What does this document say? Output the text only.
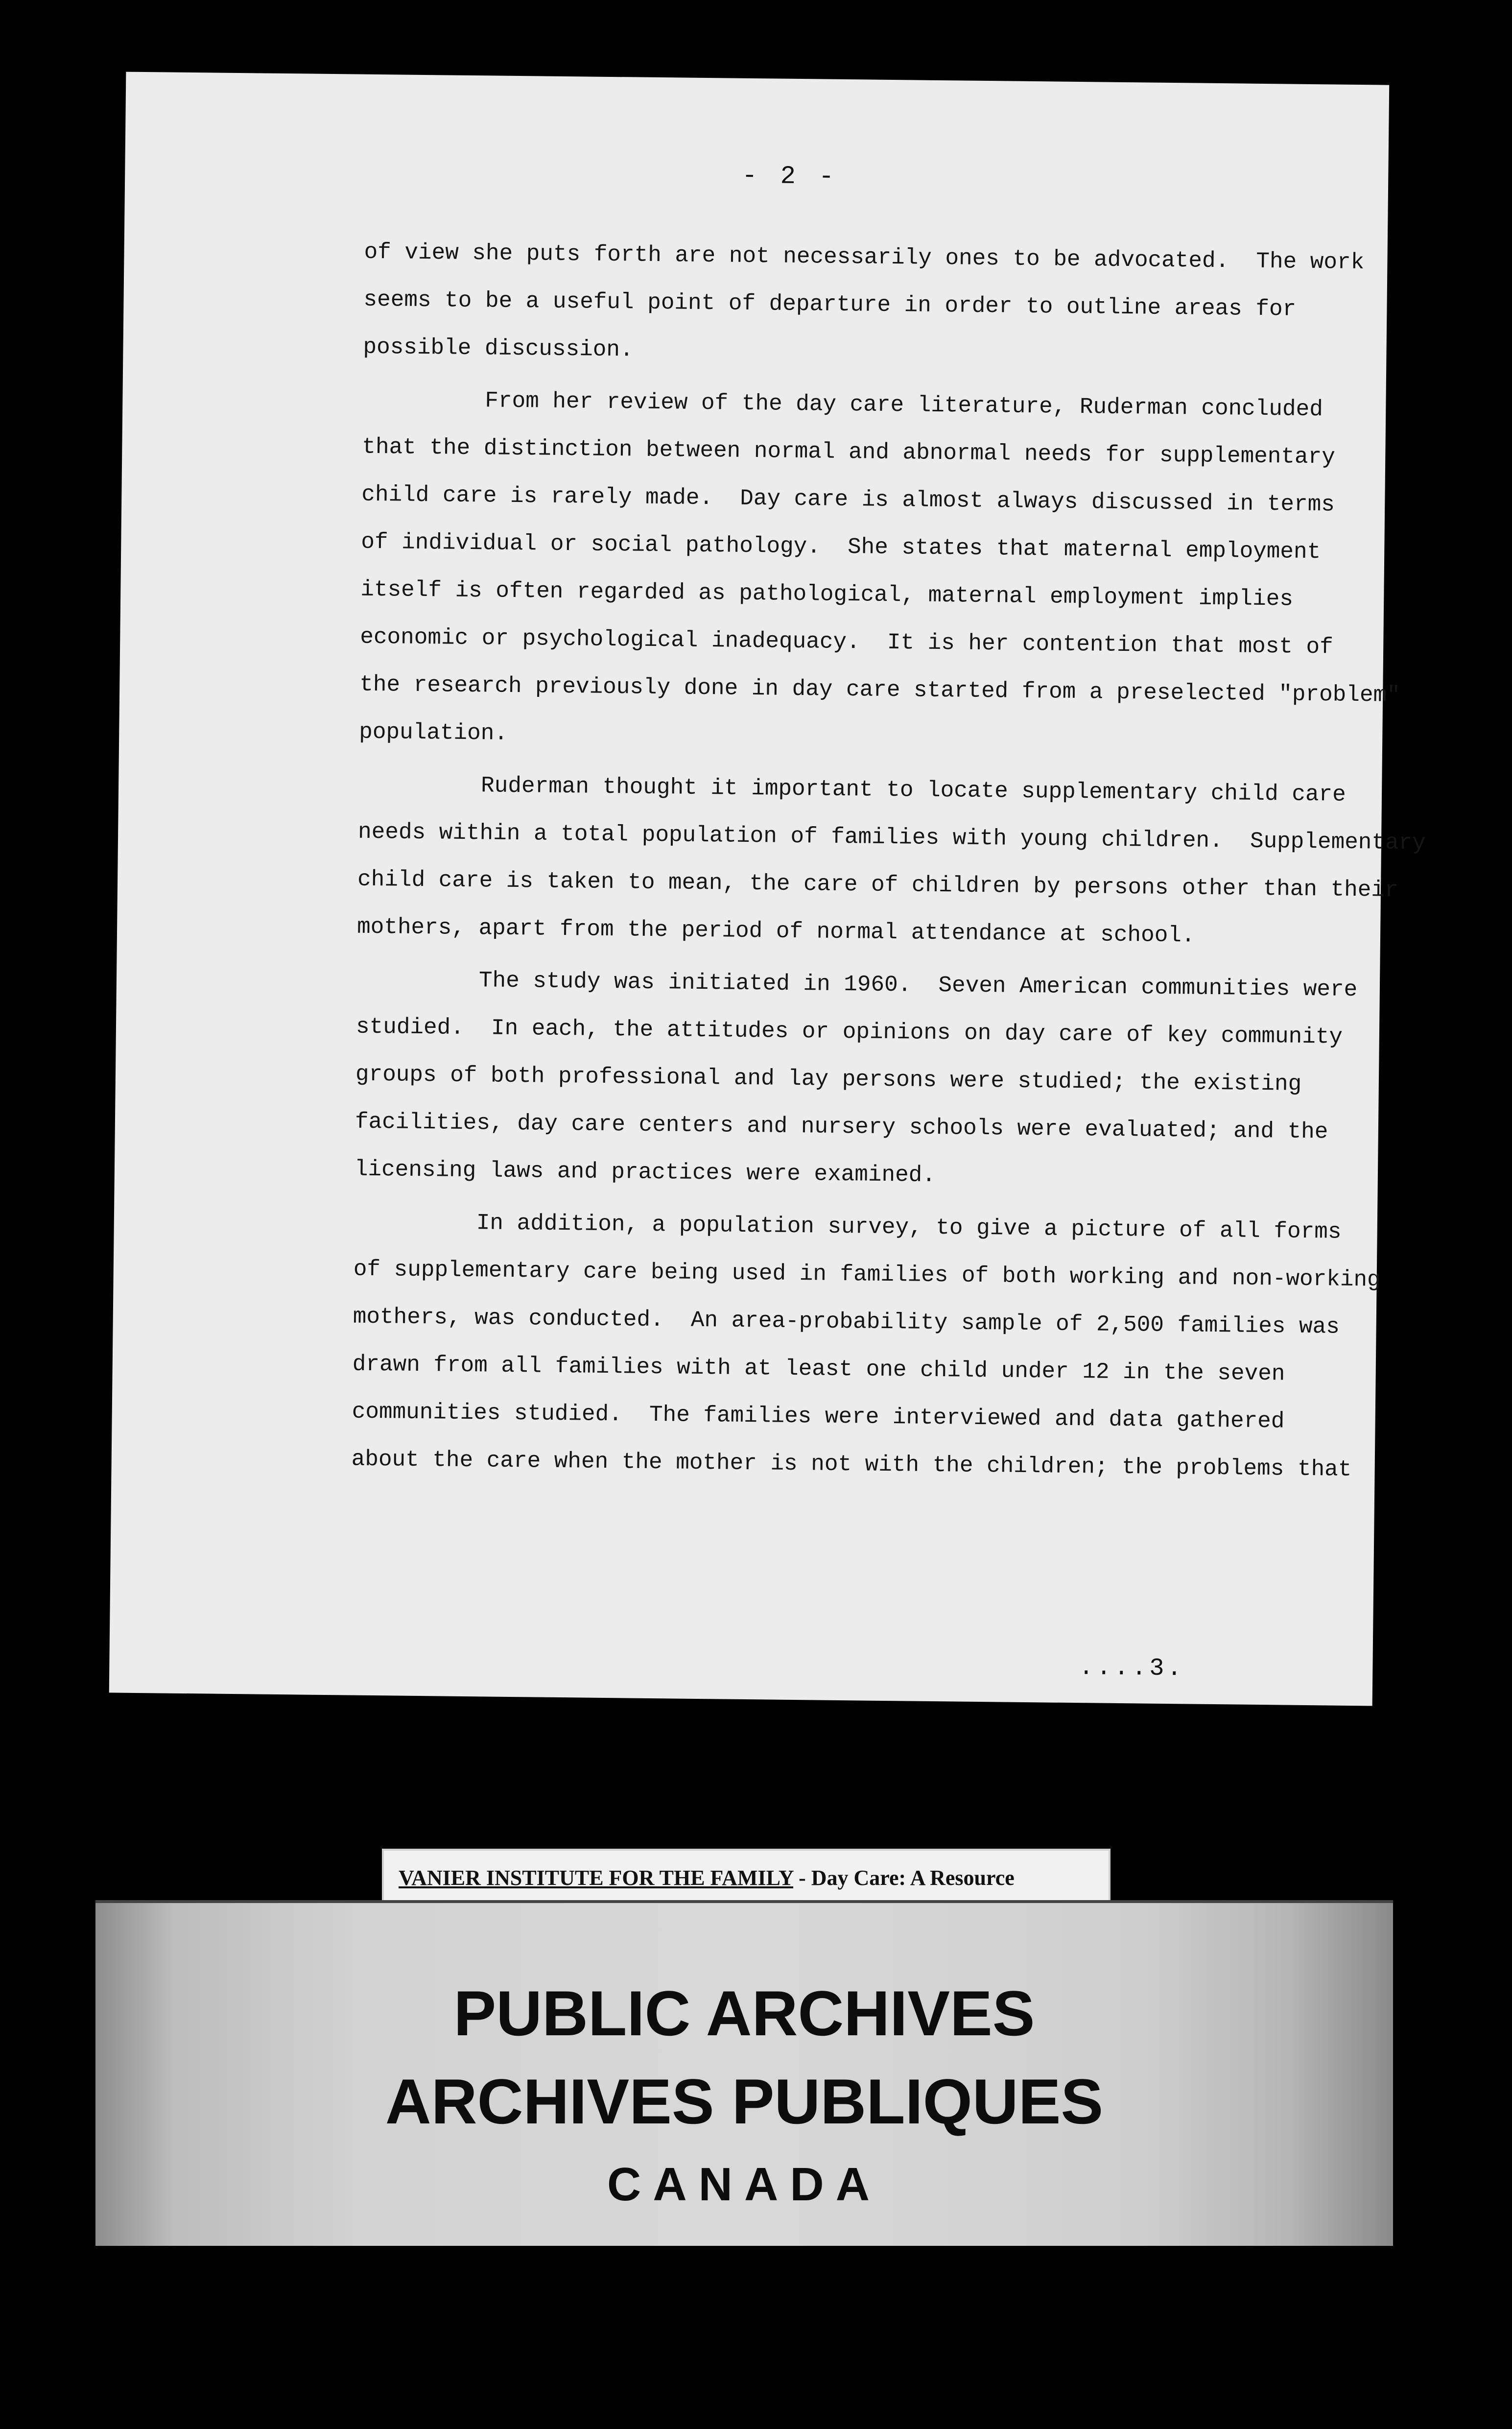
- 2 -
of view she puts forth are not necessarily ones to be advocated.  The work
seems to be a useful point of departure in order to outline areas for
possible discussion.
From her review of the day care literature, Ruderman concluded
that the distinction between normal and abnormal needs for supplementary
child care is rarely made.  Day care is almost always discussed in terms
of individual or social pathology.  She states that maternal employment
itself is often regarded as pathological, maternal employment implies
economic or psychological inadequacy.  It is her contention that most of
the research previously done in day care started from a preselected "problem"
population.
Ruderman thought it important to locate supplementary child care
needs within a total population of families with young children.  Supplementary
child care is taken to mean, the care of children by persons other than their
mothers, apart from the period of normal attendance at school.
The study was initiated in 1960.  Seven American communities were
studied.  In each, the attitudes or opinions on day care of key community
groups of both professional and lay persons were studied; the existing
facilities, day care centers and nursery schools were evaluated; and the
licensing laws and practices were examined.
In addition, a population survey, to give a picture of all forms
of supplementary care being used in families of both working and non-working
mothers, was conducted.  An area-probability sample of 2,500 families was
drawn from all families with at least one child under 12 in the seven
communities studied.  The families were interviewed and data gathered
about the care when the mother is not with the children; the problems that
....3.
VANIER INSTITUTE FOR THE FAMILY - Day Care: A Resource
PUBLIC ARCHIVES
ARCHIVES PUBLIQUES
CANADA
